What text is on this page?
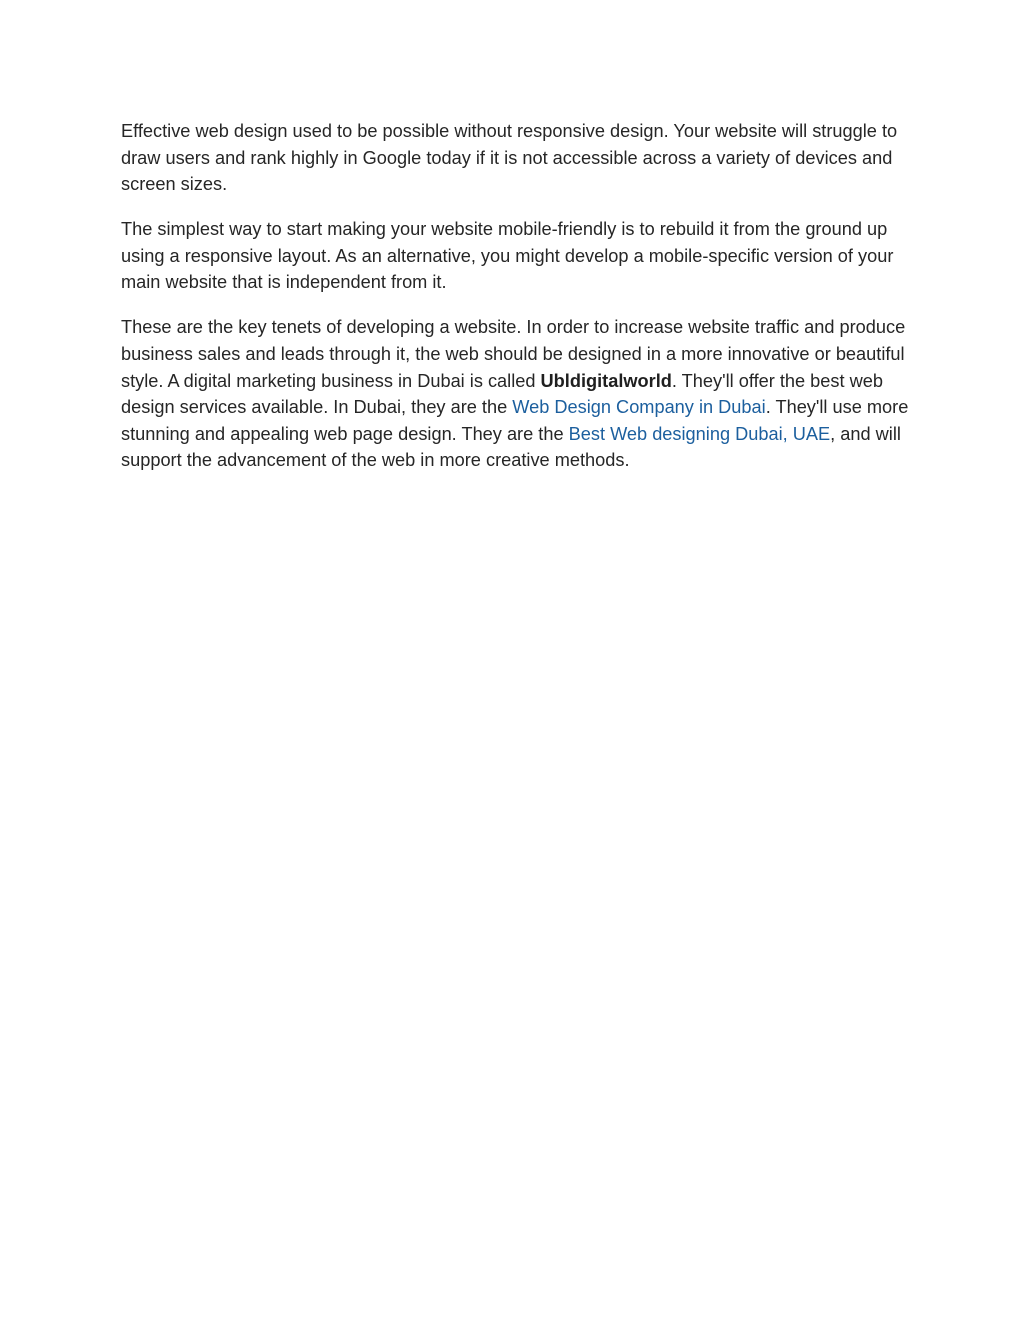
Effective web design used to be possible without responsive design. Your website will struggle to draw users and rank highly in Google today if it is not accessible across a variety of devices and screen sizes.

The simplest way to start making your website mobile-friendly is to rebuild it from the ground up using a responsive layout. As an alternative, you might develop a mobile-specific version of your main website that is independent from it.

These are the key tenets of developing a website. In order to increase website traffic and produce business sales and leads through it, the web should be designed in a more innovative or beautiful style. A digital marketing business in Dubai is called Ubldigitalworld. They'll offer the best web design services available. In Dubai, they are the Web Design Company in Dubai. They'll use more stunning and appealing web page design. They are the Best Web designing Dubai, UAE, and will support the advancement of the web in more creative methods.
